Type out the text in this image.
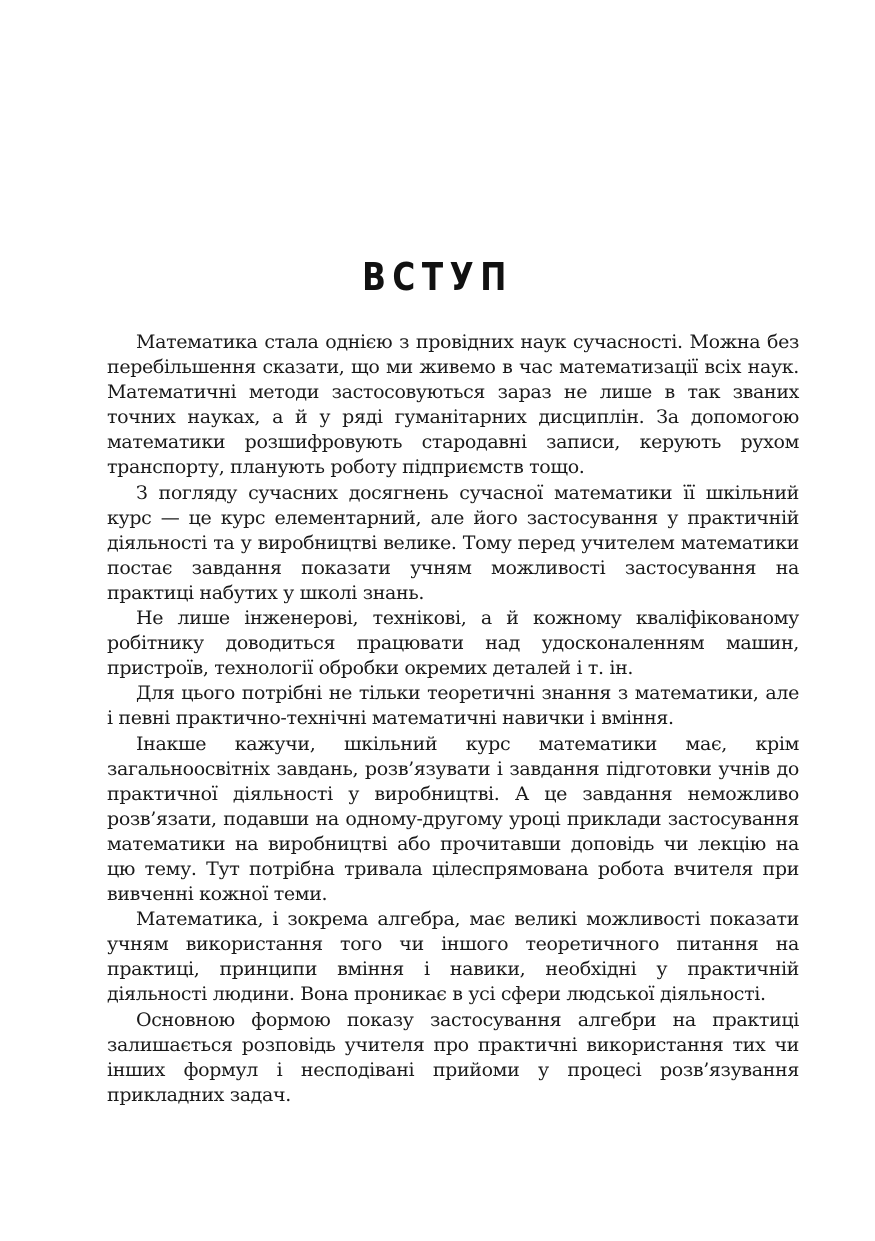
ВСТУП

Математика стала однією з провідних наук сучасності. Можна без перебільшення сказати, що ми живемо в час математизації всіх наук. Математичні методи застосовуються зараз не лише в так званих точних науках, а й у ряді гуманітарних дисциплін. За допомогою математики розшифровують стародавні записи, керують рухом транспорту, планують роботу підприємств тощо.

З погляду сучасних досягнень сучасної математики її шкільний курс — це курс елементарний, але його застосування у практичній діяльності та у виробництві велике. Тому перед учителем математики постає завдання показати учням можливості застосування на практиці набутих у школі знань.

Не лише інженерові, технікові, а й кожному кваліфікованому робітнику доводиться працювати над удосконаленням машин, пристроїв, технології обробки окремих деталей і т. ін.

Для цього потрібні не тільки теоретичні знання з математики, але і певні практично-технічні математичні навички і вміння.

Інакше кажучи, шкільний курс математики має, крім загальноосвітніх завдань, розв’язувати і завдання підготовки учнів до практичної діяльності у виробництві. А це завдання неможливо розв’язати, подавши на одному-другому уроці приклади застосування математики на виробництві або прочитавши доповідь чи лекцію на цю тему. Тут потрібна тривала цілеспрямована робота вчителя при вивченні кожної теми.

Математика, і зокрема алгебра, має великі можливості показати учням використання того чи іншого теоретичного питання на практиці, принципи вміння і навики, необхідні у практичній діяльності людини. Вона проникає в усі сфери людської діяльності.

Основною формою показу застосування алгебри на практиці залишається розповідь учителя про практичні використання тих чи інших формул і несподівані прийоми у процесі розв’язування прикладних задач.
